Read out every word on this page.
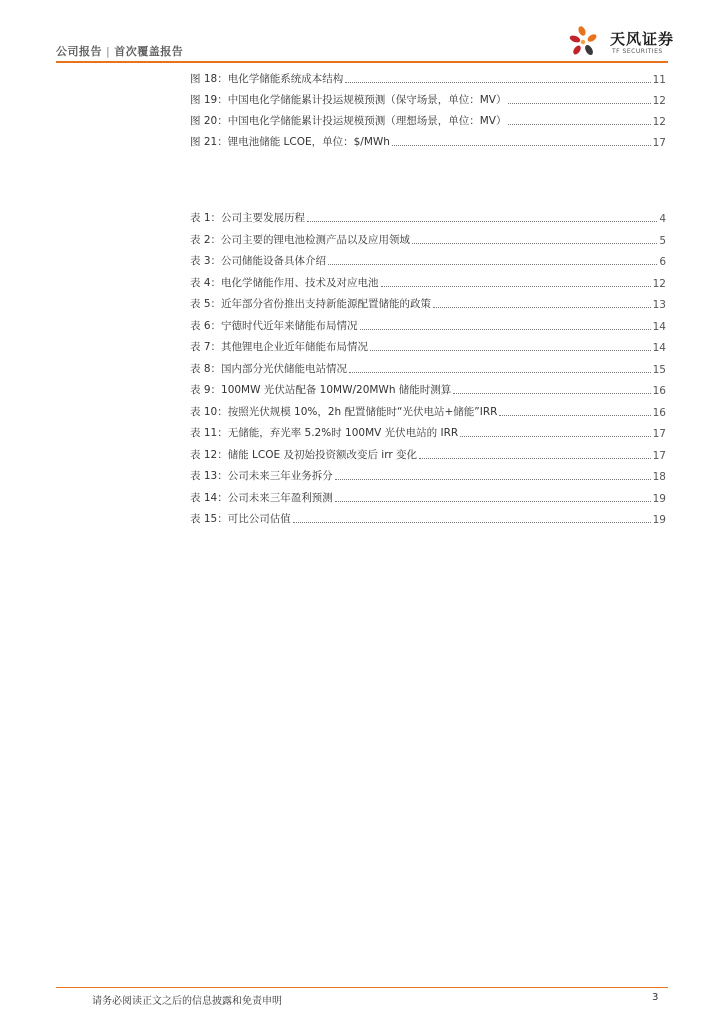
公司报告 | 首次覆盖报告
天风证券
TF SECURITIES
图 18：电化学储能系统成本结构	11
图 19：中国电化学储能累计投运规模预测（保守场景，单位：MV）	12
图 20：中国电化学储能累计投运规模预测（理想场景，单位：MV）	12
图 21：锂电池储能 LCOE，单位：$/MWh	17
表 1：公司主要发展历程	4
表 2：公司主要的锂电池检测产品以及应用领域	5
表 3：公司储能设备具体介绍	6
表 4：电化学储能作用、技术及对应电池	12
表 5：近年部分省份推出支持新能源配置储能的政策	13
表 6：宁德时代近年来储能布局情况	14
表 7：其他锂电企业近年储能布局情况	14
表 8：国内部分光伏储能电站情况	15
表 9：100MW 光伏站配备 10MW/20MWh 储能时测算	16
表 10：按照光伏规模 10%，2h 配置储能时“光伏电站+储能”IRR	16
表 11：无储能，弃光率 5.2%时 100MV 光伏电站的 IRR	17
表 12：储能 LCOE 及初始投资额改变后 irr 变化	17
表 13：公司未来三年业务拆分	18
表 14：公司未来三年盈利预测	19
表 15：可比公司估值	19
请务必阅读正文之后的信息披露和免责申明	3
